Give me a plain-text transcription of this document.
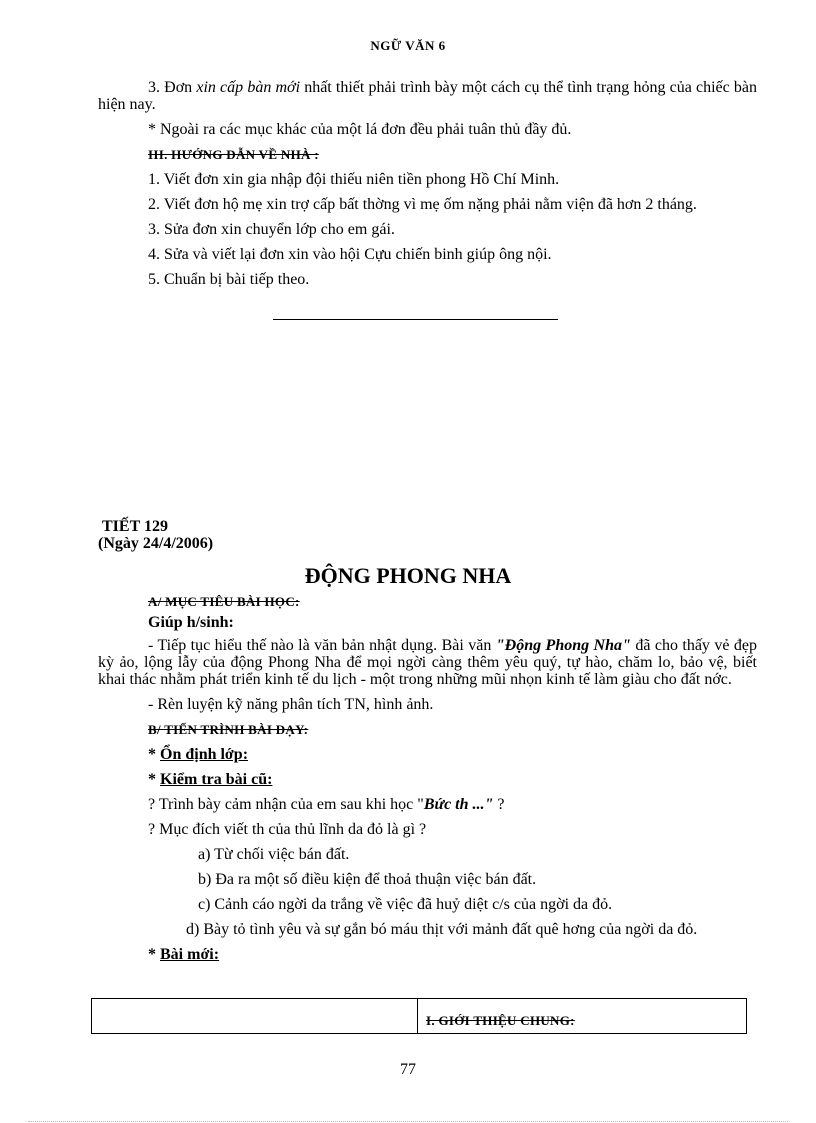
NGỮ VĂN 6

3. Đơn xin cấp bàn mới nhất thiết phải trình bày một cách cụ thể tình trạng hỏng của chiếc bàn hiện nay.

* Ngoài ra các mục khác của một lá đơn đều phải tuân thủ đầy đủ.

III. HƯỚNG DẪN VỀ NHÀ :

1. Viết đơn xin gia nhập đội thiếu niên tiền phong Hồ Chí Minh.

2. Viết đơn hộ mẹ xin trợ cấp bất thờng vì mẹ ốm nặng phải nằm viện đã hơn 2 tháng.

3. Sửa đơn xin chuyển lớp cho em gái.

4. Sửa và viết lại đơn xin vào hội Cựu chiến binh giúp ông nội.

5. Chuẩn bị bài tiếp theo.

TIẾT 129
(Ngày 24/4/2006)
ĐỘNG PHONG NHA

A/ MỤC TIÊU BÀI HỌC:

Giúp h/sinh:

- Tiếp tục hiểu thế nào là văn bản nhật dụng. Bài văn "Động Phong Nha" đã cho thấy vẻ đẹp kỳ ảo, lộng lẫy của động Phong Nha để mọi ngời càng thêm yêu quý, tự hào, chăm lo, bảo vệ, biết khai thác nhằm phát triển kinh tế du lịch - một trong những mũi nhọn kinh tế làm giàu cho đất nớc.

- Rèn luyện kỹ năng phân tích TN, hình ảnh.

B/ TIẾN TRÌNH BÀI DẠY:

* Ổn định lớp:

* Kiểm tra bài cũ:

? Trình bày cảm nhận của em sau khi học "Bức th ..." ?

? Mục đích viết th của thủ lĩnh da đỏ là gì ?

a) Từ chối việc bán đất.

b) Đa ra một số điều kiện để thoả thuận việc bán đất.

c) Cảnh cáo ngời da trắng về việc đã huỷ diệt c/s của ngời da đỏ.

d) Bày tỏ tình yêu và sự gắn bó máu thịt với mảnh đất quê hơng của ngời da đỏ.

* Bài mới:

I. GIỚI THIỆU CHUNG:
77
